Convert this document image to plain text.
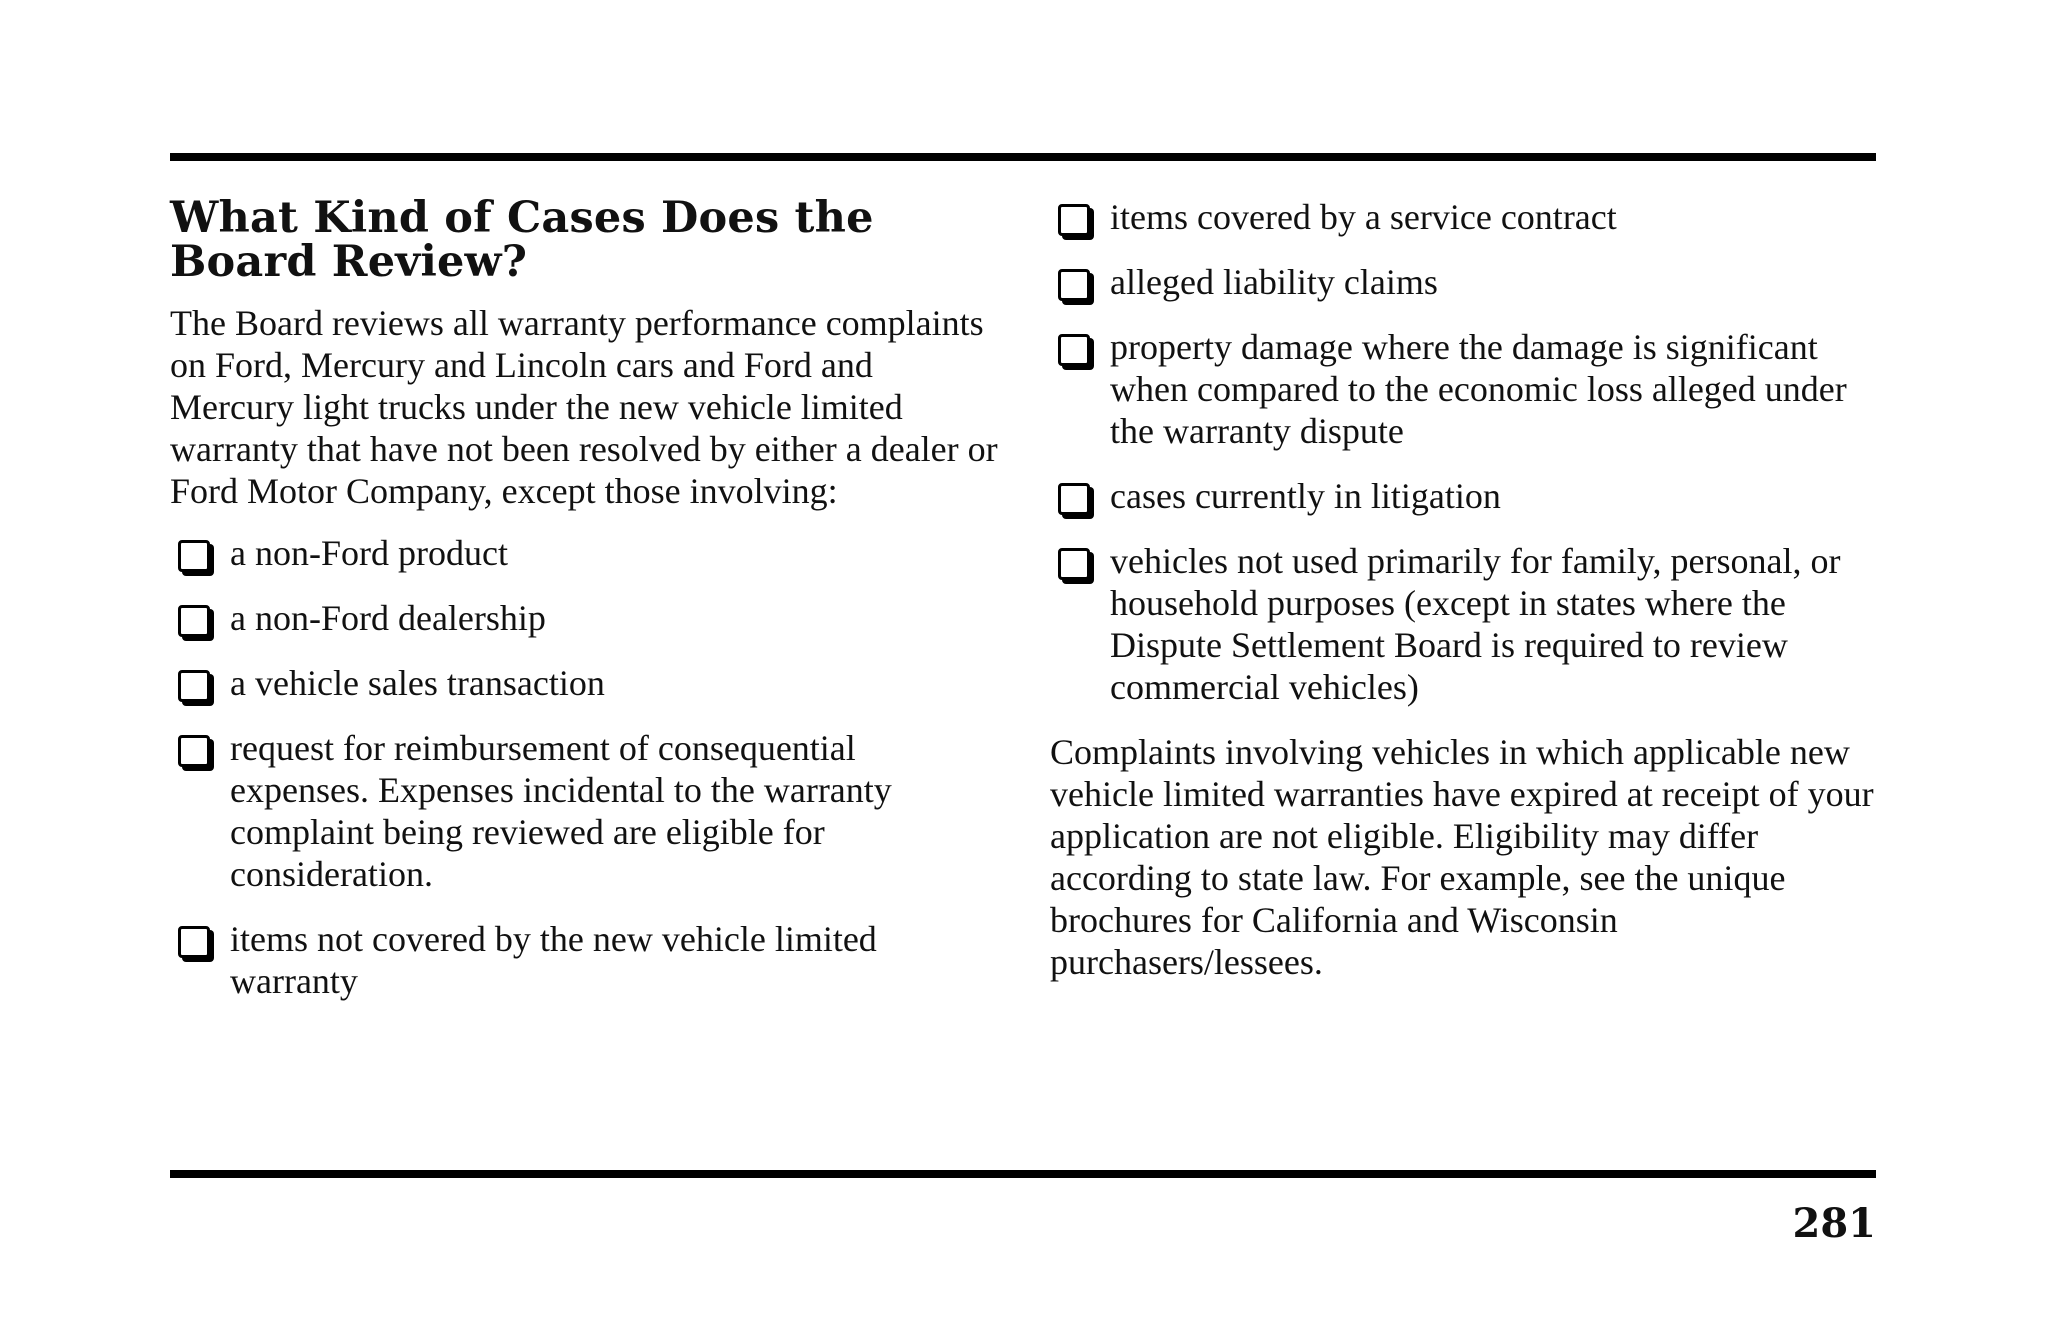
What Kind of Cases Does the Board Review?

The Board reviews all warranty performance complaints on Ford, Mercury and Lincoln cars and Ford and Mercury light trucks under the new vehicle limited warranty that have not been resolved by either a dealer or Ford Motor Company, except those involving:

a non-Ford product
a non-Ford dealership
a vehicle sales transaction
request for reimbursement of consequential expenses. Expenses incidental to the warranty complaint being reviewed are eligible for consideration.
items not covered by the new vehicle limited warranty
items covered by a service contract
alleged liability claims
property damage where the damage is significant when compared to the economic loss alleged under the warranty dispute
cases currently in litigation
vehicles not used primarily for family, personal, or household purposes (except in states where the Dispute Settlement Board is required to review commercial vehicles)

Complaints involving vehicles in which applicable new vehicle limited warranties have expired at receipt of your application are not eligible. Eligibility may differ according to state law. For example, see the unique brochures for California and Wisconsin purchasers/lessees.

281
